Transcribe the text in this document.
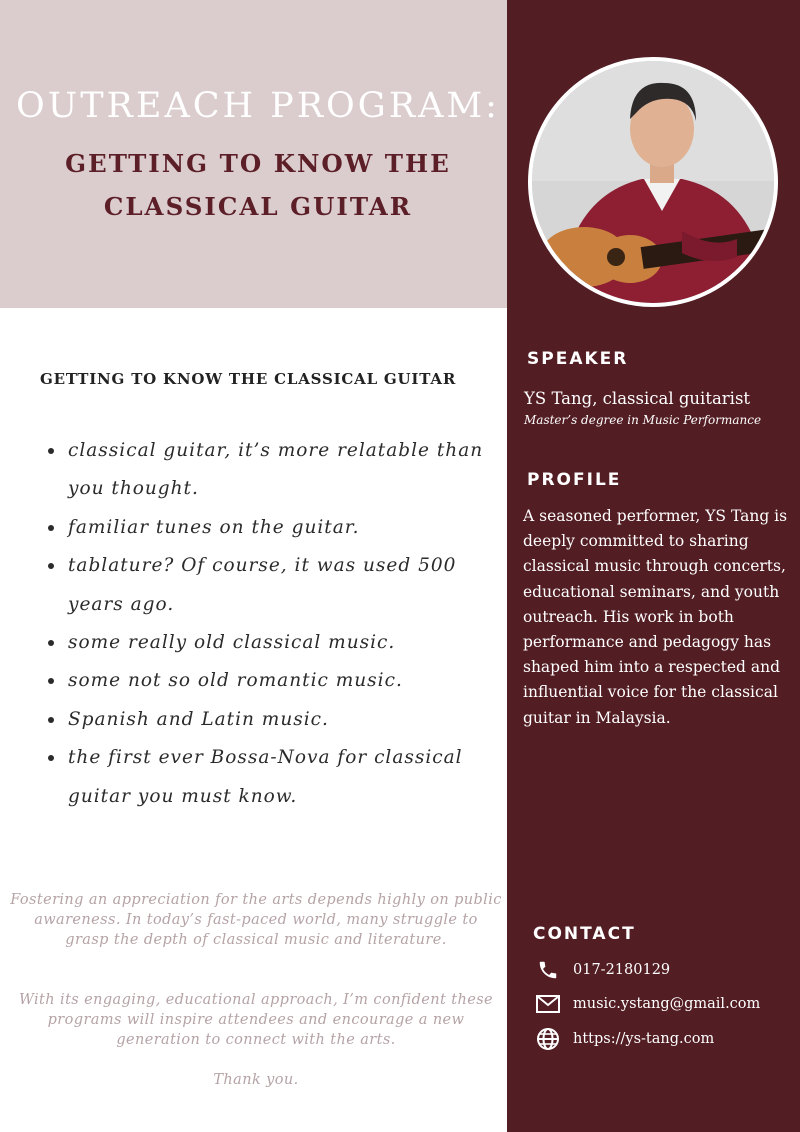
OUTREACH PROGRAM:
GETTING TO KNOW THE
CLASSICAL GUITAR
GETTING TO KNOW THE CLASSICAL GUITAR
classical guitar, it’s more relatable than you thought.
familiar tunes on the guitar.
tablature? Of course, it was used 500 years ago.
some really old classical music.
some not so old romantic music.
Spanish and Latin music.
the first ever Bossa-Nova for classical guitar you must know.
Fostering an appreciation for the arts depends highly on public awareness. In today’s fast-paced world, many struggle to grasp the depth of classical music and literature.
With its engaging, educational approach, I’m confident these programs will inspire attendees and encourage a new generation to connect with the arts.
Thank you.
SPEAKER
YS Tang, classical guitarist
Master’s degree in Music Performance
PROFILE
A seasoned performer, YS Tang is deeply committed to sharing classical music through concerts, educational seminars, and youth outreach. His work in both performance and pedagogy has shaped him into a respected and influential voice for the classical guitar in Malaysia.
CONTACT
017-2180129
music.ystang@gmail.com
https://ys-tang.com
